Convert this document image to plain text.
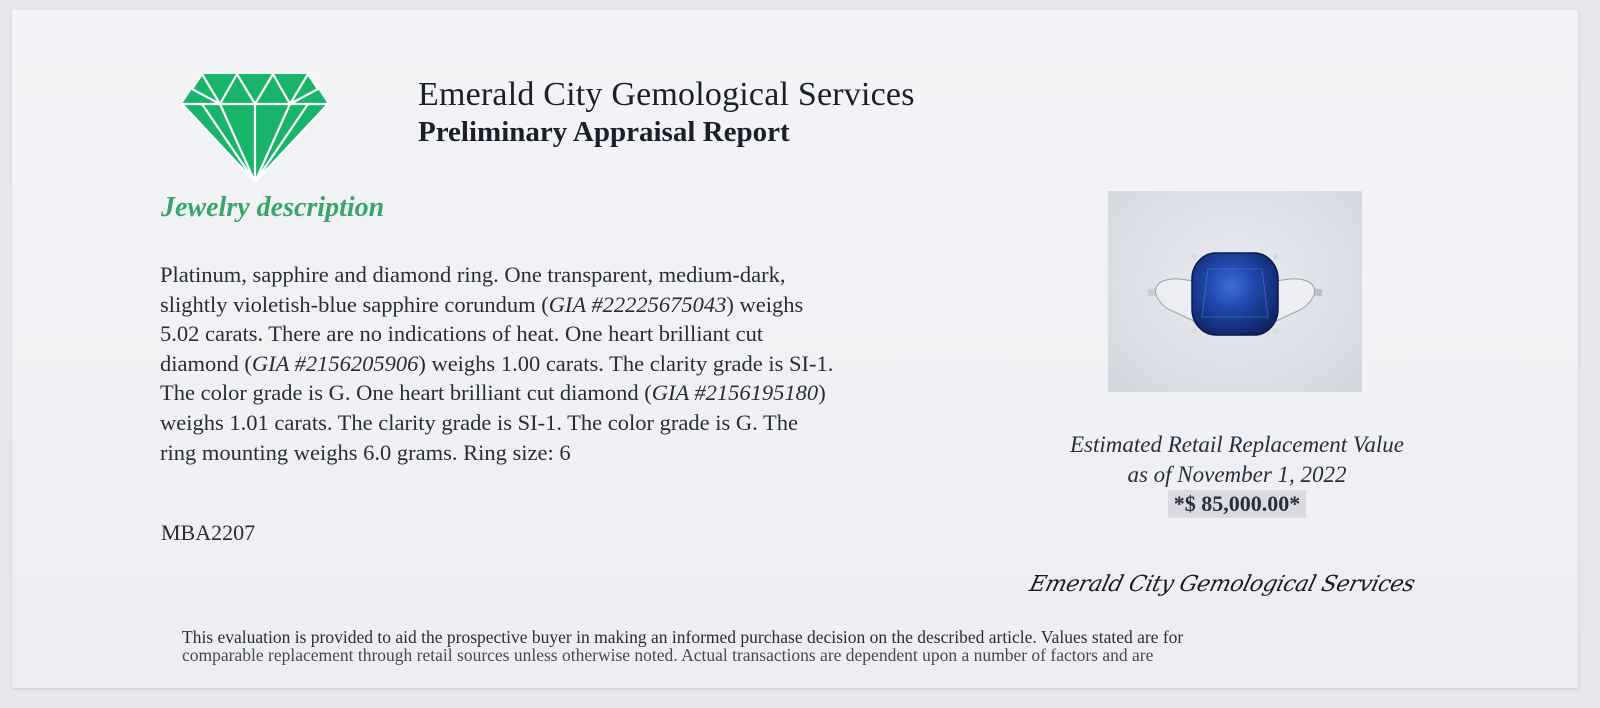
Emerald City Gemological Services
Preliminary Appraisal Report
Jewelry description
Platinum, sapphire and diamond ring. One transparent, medium-dark,
slightly violetish-blue sapphire corundum (GIA #22225675043) weighs
5.02 carats. There are no indications of heat. One heart brilliant cut
diamond (GIA #2156205906) weighs 1.00 carats. The clarity grade is SI-1.
The color grade is G. One heart brilliant cut diamond (GIA #2156195180)
weighs 1.01 carats. The clarity grade is SI-1. The color grade is G. The
ring mounting weighs 6.0 grams. Ring size: 6
MBA2207
Estimated Retail Replacement Value
as of November 1, 2022
*$ 85,000.00*
Emerald City Gemological Services
This evaluation is provided to aid the prospective buyer in making an informed purchase decision on the described article. Values stated are for
comparable replacement through retail sources unless otherwise noted. Actual transactions are dependent upon a number of factors and are
